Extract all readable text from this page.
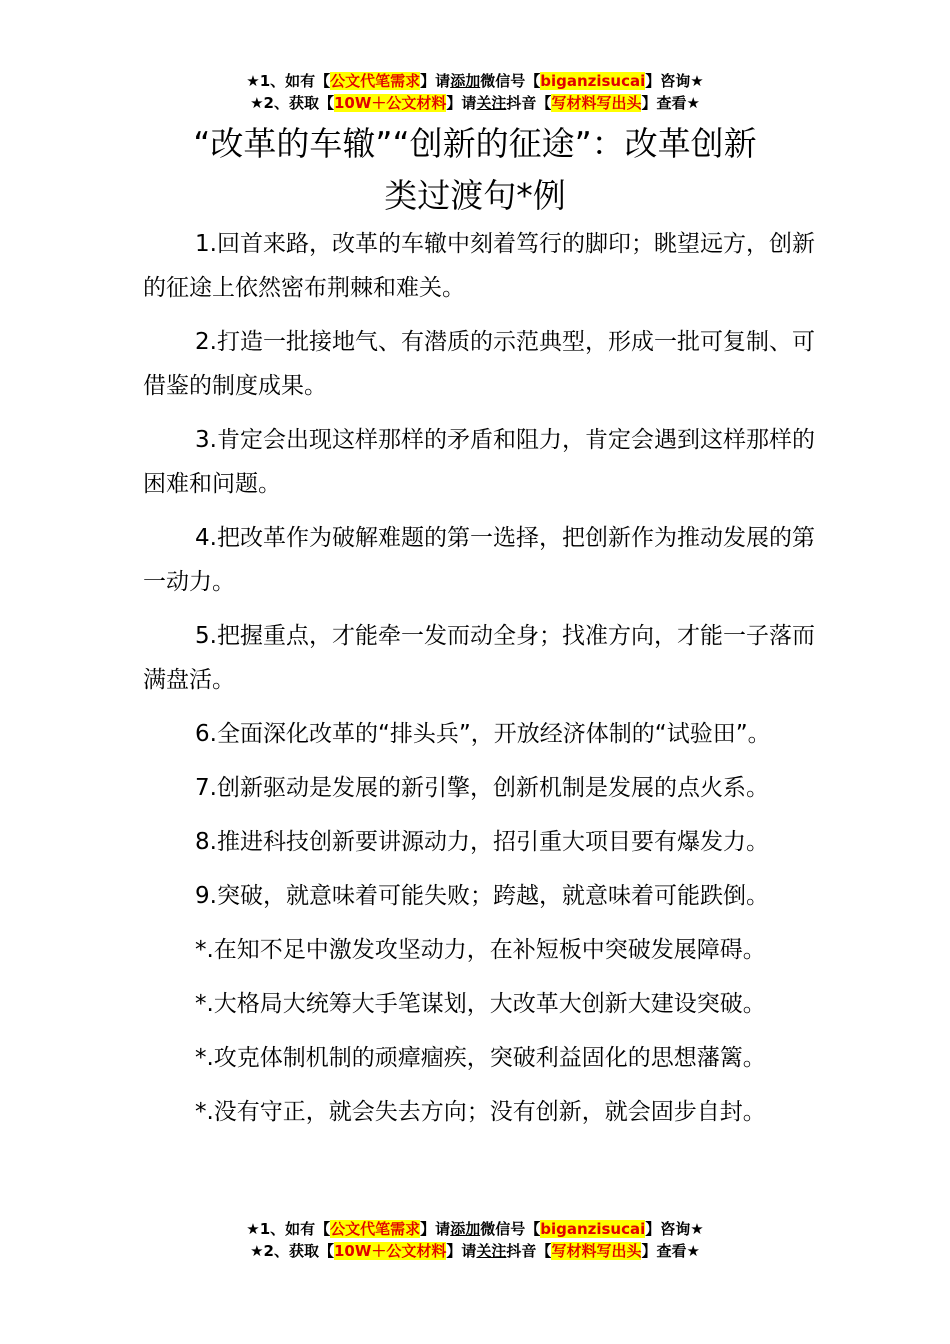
★1、如有【公文代笔需求】请添加微信号【biganzisucai】咨询★
★2、获取【10W＋公文材料】请关注抖音【写材料写出头】查看★
“改革的车辙”“创新的征途”：改革创新
类过渡句*例

1.回首来路，改革的车辙中刻着笃行的脚印；眺望远方，创新的征途上依然密布荆棘和难关。

2.打造一批接地气、有潜质的示范典型，形成一批可复制、可借鉴的制度成果。

3.肯定会出现这样那样的矛盾和阻力，肯定会遇到这样那样的困难和问题。

4.把改革作为破解难题的第一选择，把创新作为推动发展的第一动力。

5.把握重点，才能牵一发而动全身；找准方向，才能一子落而满盘活。

6.全面深化改革的“排头兵”，开放经济体制的“试验田”。

7.创新驱动是发展的新引擎，创新机制是发展的点火系。

8.推进科技创新要讲源动力，招引重大项目要有爆发力。

9.突破，就意味着可能失败；跨越，就意味着可能跌倒。

*.在知不足中激发攻坚动力，在补短板中突破发展障碍。

*.大格局大统筹大手笔谋划，大改革大创新大建设突破。

*.攻克体制机制的顽瘴痼疾，突破利益固化的思想藩篱。

*.没有守正，就会失去方向；没有创新，就会固步自封。

★1、如有【公文代笔需求】请添加微信号【biganzisucai】咨询★
★2、获取【10W＋公文材料】请关注抖音【写材料写出头】查看★
